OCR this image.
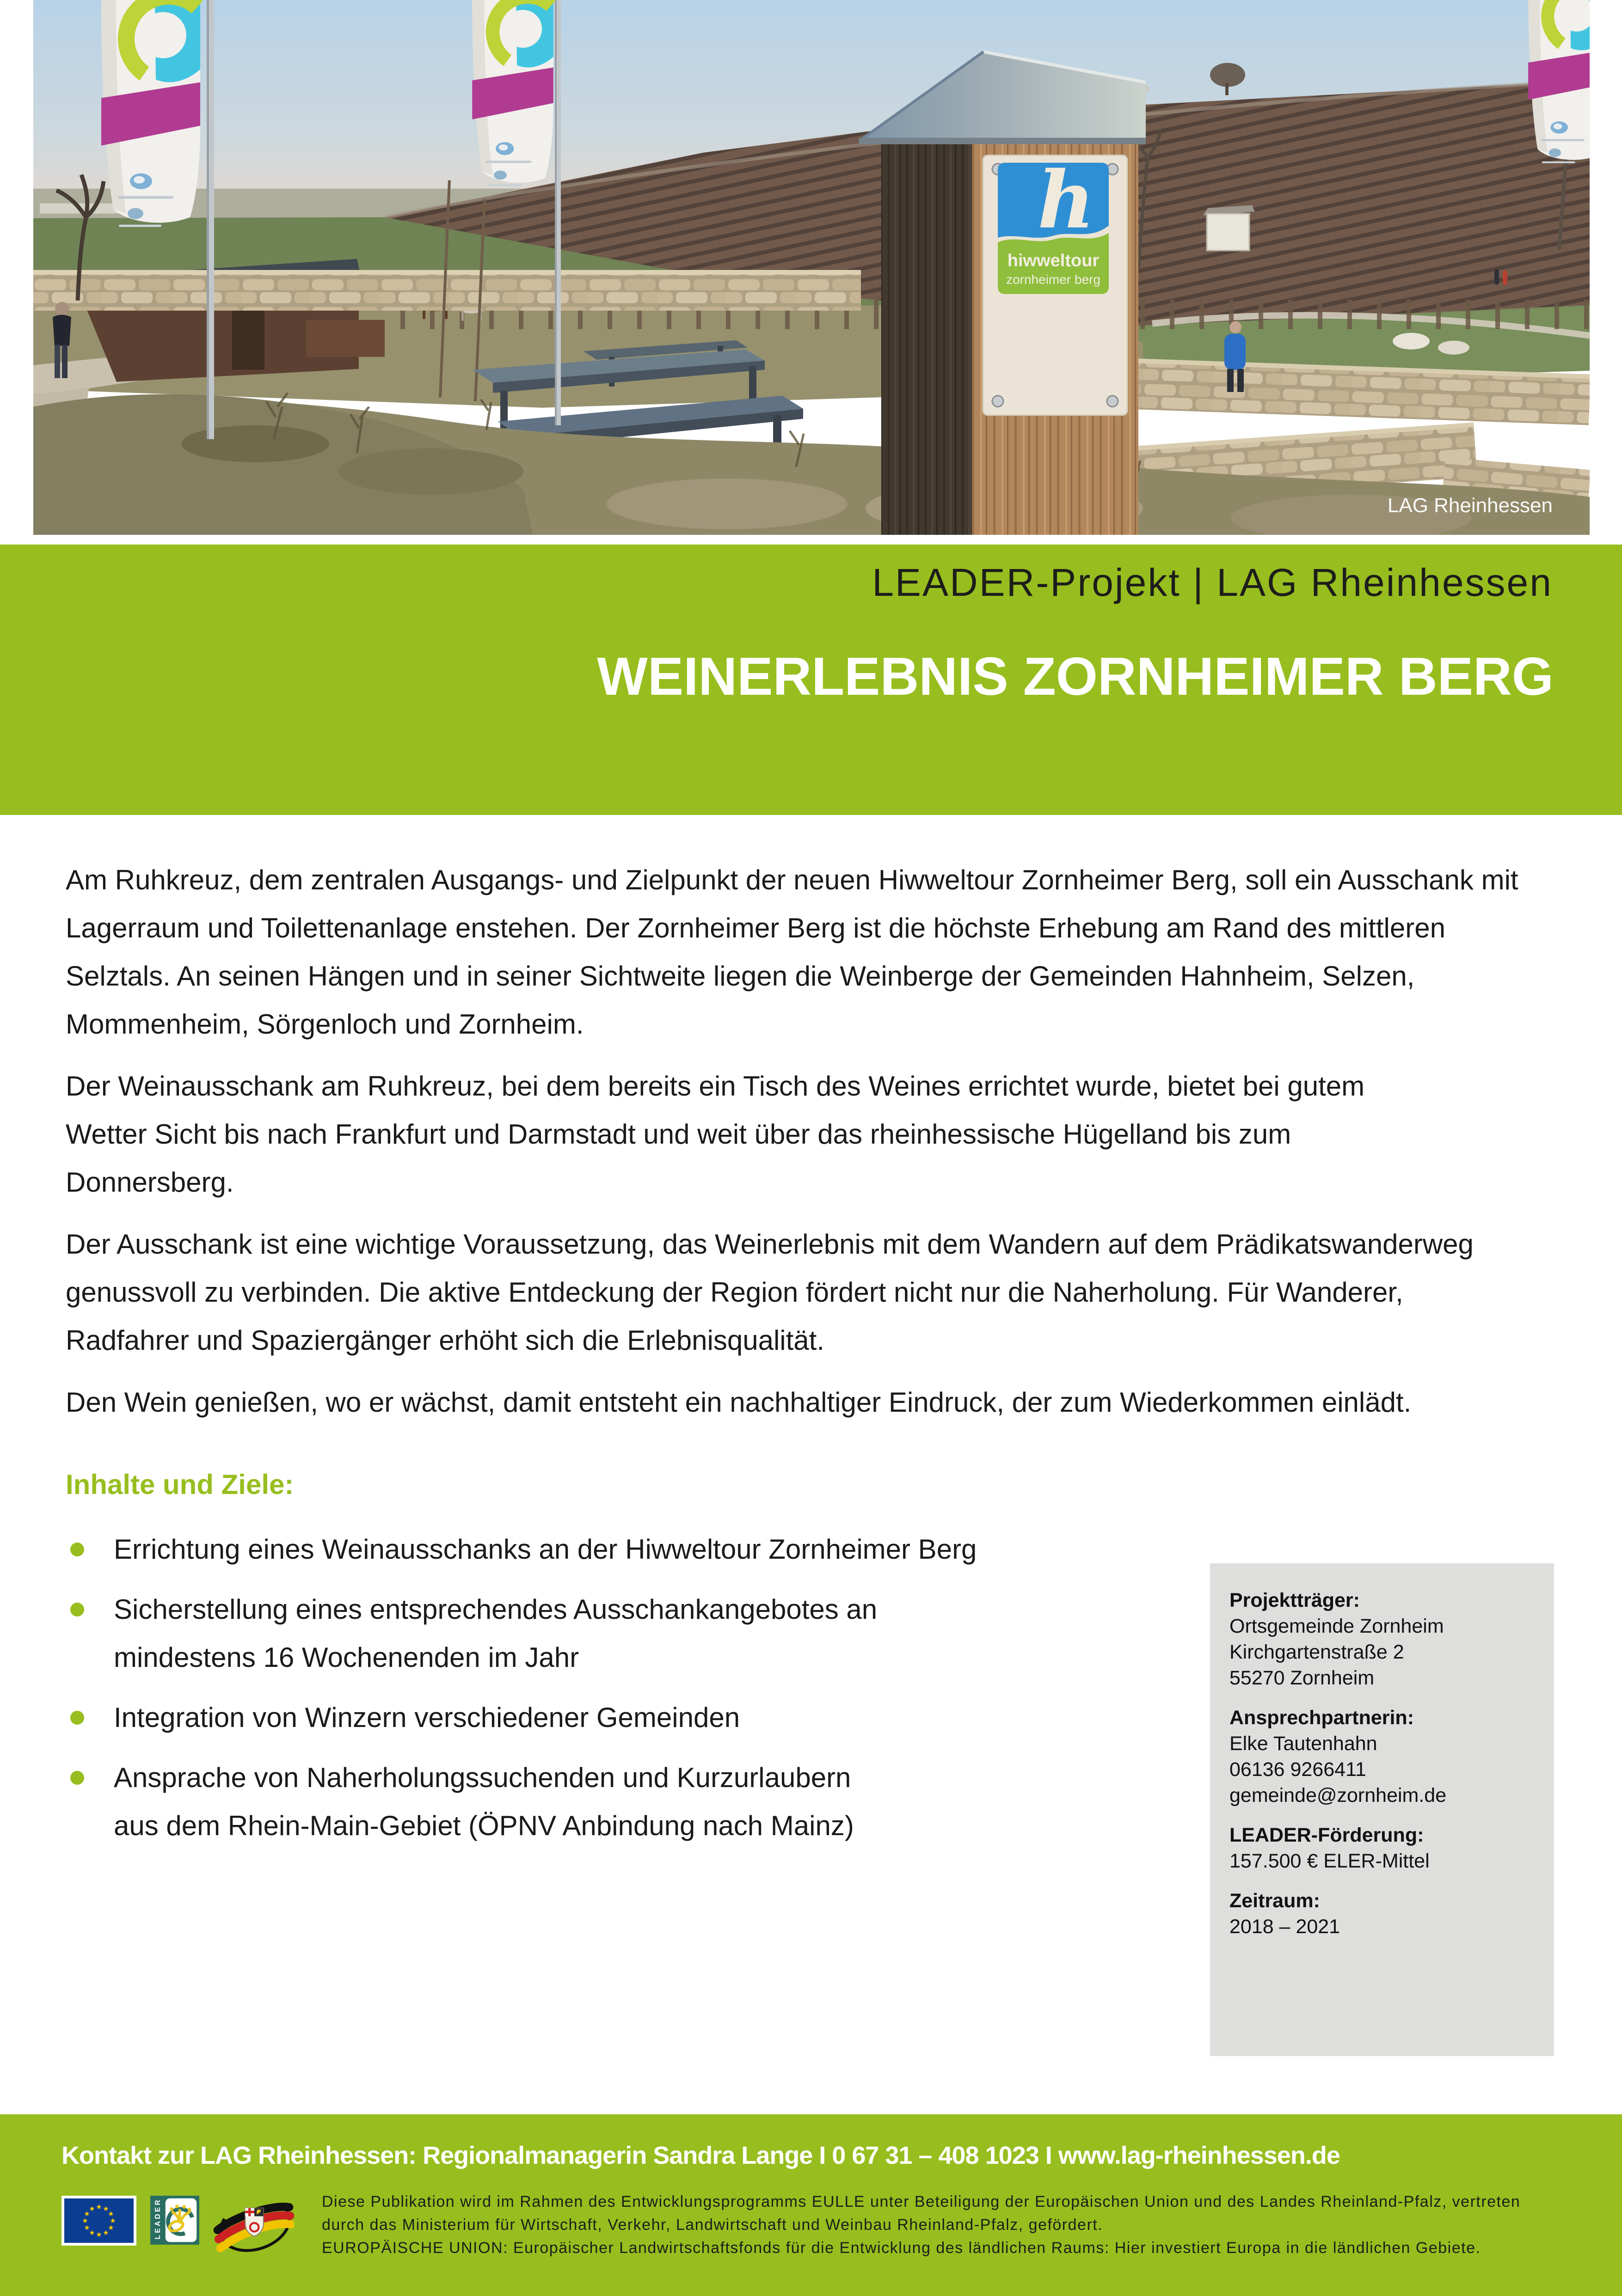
h
hiwweltour
zornheimer berg
LAG Rheinhessen
LEADER-Projekt | LAG Rheinhessen
WEINERLEBNIS ZORNHEIMER BERG

Am Ruhkreuz, dem zentralen Ausgangs- und Zielpunkt der neuen Hiwweltour Zornheimer Berg, soll ein Ausschank mit Lagerraum und Toilettenanlage enstehen. Der Zornheimer Berg ist die höchste Erhebung am Rand des mittleren Selztals. An seinen Hängen und in seiner Sichtweite liegen die Weinberge der Gemeinden Hahnheim, Selzen, Mommenheim, Sörgenloch und Zornheim.

Der Weinausschank am Ruhkreuz, bei dem bereits ein Tisch des Weines errichtet wurde, bietet bei gutem Wetter Sicht bis nach Frankfurt und Darmstadt und weit über das rheinhessische Hügelland bis zum Donnersberg.

Der Ausschank ist eine wichtige Voraussetzung, das Weinerlebnis mit dem Wandern auf dem Prädikatswanderweg genussvoll zu verbinden. Die aktive Entdeckung der Region fördert nicht nur die Naherholung. Für Wanderer, Radfahrer und Spaziergänger erhöht sich die Erlebnisqualität.

Den Wein genießen, wo er wächst, damit entsteht ein nachhaltiger Eindruck, der zum Wiederkommen einlädt.

Inhalte und Ziele:
Errichtung eines Weinausschanks an der Hiwweltour Zornheimer Berg
Sicherstellung eines entsprechendes Ausschankangebotes an
mindestens 16 Wochenenden im Jahr
Integration von Winzern verschiedener Gemeinden
Ansprache von Naherholungssuchenden und Kurzurlaubern
aus dem Rhein-Main-Gebiet (ÖPNV Anbindung nach Mainz)
Projektträger:
Ortsgemeinde Zornheim
Kirchgartenstraße 2
55270 Zornheim
Ansprechpartnerin:
Elke Tautenhahn
06136 9266411
gemeinde@zornheim.de
LEADER-Förderung:
157.500 € ELER-Mittel
Zeitraum:
2018 – 2021
Kontakt zur LAG Rheinhessen: Regionalmanagerin Sandra Lange I 0 67 31 – 408 1023 I www.lag-rheinhessen.de
★ ★
★
★
★
★
★
★
★
★
★
★
	LEADER
	Diese Publikation wird im Rahmen des Entwicklungsprogramms EULLE unter Beteiligung der Europäischen Union und des Landes Rheinland-Pfalz, vertreten
durch das Ministerium für Wirtschaft, Verkehr, Landwirtschaft und Weinbau Rheinland-Pfalz, gefördert.
EUROPÄISCHE UNION: Europäischer Landwirtschaftsfonds für die Entwicklung des ländlichen Raums: Hier investiert Europa in die ländlichen Gebiete.
